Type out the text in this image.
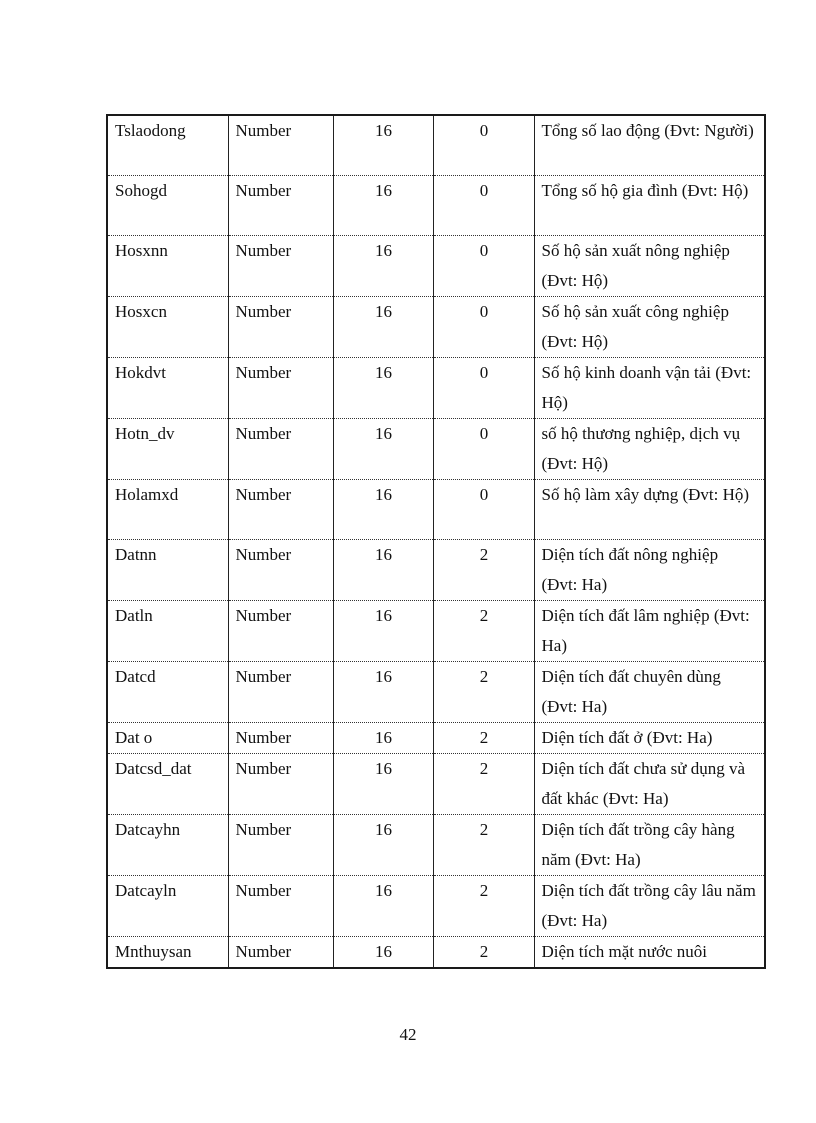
Tslaodong	Number	16	0	Tổng số lao động (Đvt: Người)
Sohogd	Number	16	0	Tổng số hộ gia đình (Đvt: Hộ)
Hosxnn	Number	16	0	Số hộ sản xuất nông nghiệp (Đvt: Hộ)
Hosxcn	Number	16	0	Số hộ sản xuất công nghiệp (Đvt: Hộ)
Hokdvt	Number	16	0	Số hộ kinh doanh vận tải (Đvt: Hộ)
Hotn_dv	Number	16	0	số hộ thương nghiệp, dịch vụ (Đvt: Hộ)
Holamxd	Number	16	0	Số hộ làm xây dựng (Đvt: Hộ)
Datnn	Number	16	2	Diện tích đất nông nghiệp (Đvt: Ha)
Datln	Number	16	2	Diện tích đất lâm nghiệp (Đvt: Ha)
Datcd	Number	16	2	Diện tích đất chuyên dùng (Đvt: Ha)
Dat o	Number	16	2	Diện tích đất ở (Đvt: Ha)
Datcsd_dat	Number	16	2	Diện tích đất chưa sử dụng và đất khác (Đvt: Ha)
Datcayhn	Number	16	2	Diện tích đất trồng cây hàng năm (Đvt: Ha)
Datcayln	Number	16	2	Diện tích đất trồng cây lâu năm (Đvt: Ha)
Mnthuysan	Number	16	2	Diện tích mặt nước nuôi
42
